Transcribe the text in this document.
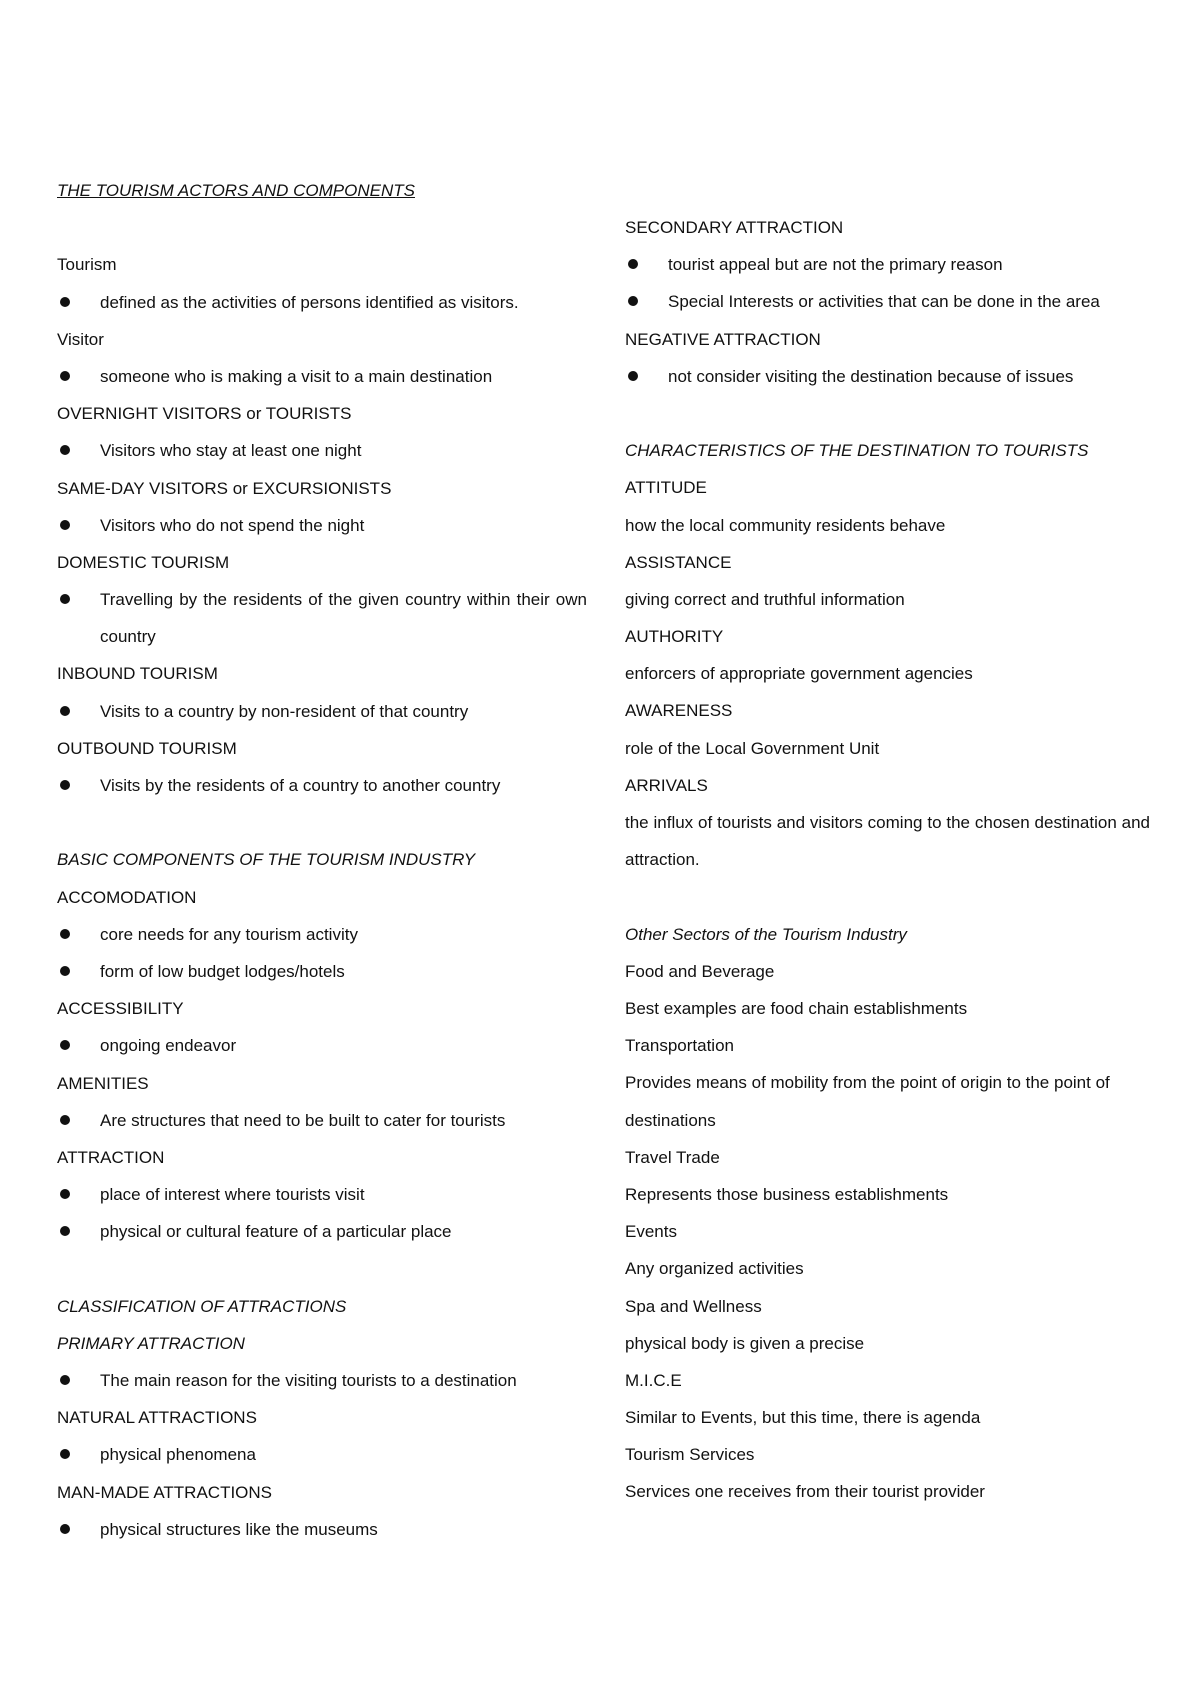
THE TOURISM ACTORS AND COMPONENTS
Tourism
defined as the activities of persons identified as visitors.
Visitor
someone who is making a visit to a main destination
OVERNIGHT VISITORS or TOURISTS
Visitors who stay at least one night
SAME-DAY VISITORS or EXCURSIONISTS
Visitors who do not spend the night
DOMESTIC TOURISM
Travelling by the residents of the given country within their own country
INBOUND TOURISM
Visits to a country by non-resident of that country
OUTBOUND TOURISM
Visits by the residents of a country to another country
BASIC COMPONENTS OF THE TOURISM INDUSTRY
ACCOMODATION
core needs for any tourism activity
form of low budget lodges/hotels
ACCESSIBILITY
ongoing endeavor
AMENITIES
Are structures that need to be built to cater for tourists
ATTRACTION
place of interest where tourists visit
physical or cultural feature of a particular place
CLASSIFICATION OF ATTRACTIONS
PRIMARY ATTRACTION
The main reason for the visiting tourists to a destination
NATURAL ATTRACTIONS
physical phenomena
MAN-MADE ATTRACTIONS
physical structures like the museums
SECONDARY ATTRACTION
tourist appeal but are not the primary reason
Special Interests or activities that can be done in the area
NEGATIVE ATTRACTION
not consider visiting the destination because of issues
CHARACTERISTICS OF THE DESTINATION TO TOURISTS
ATTITUDE
how the local community residents behave
ASSISTANCE
giving correct and truthful information
AUTHORITY
enforcers of appropriate government agencies
AWARENESS
role of the Local Government Unit
ARRIVALS
the influx of tourists and visitors coming to the chosen destination and attraction.
Other Sectors of the Tourism Industry
Food and Beverage
Best examples are food chain establishments
Transportation
Provides means of mobility from the point of origin to the point of destinations
Travel Trade
Represents those business establishments
Events
Any organized activities
Spa and Wellness
physical body is given a precise
M.I.C.E
Similar to Events, but this time, there is agenda
Tourism Services
Services one receives from their tourist provider
